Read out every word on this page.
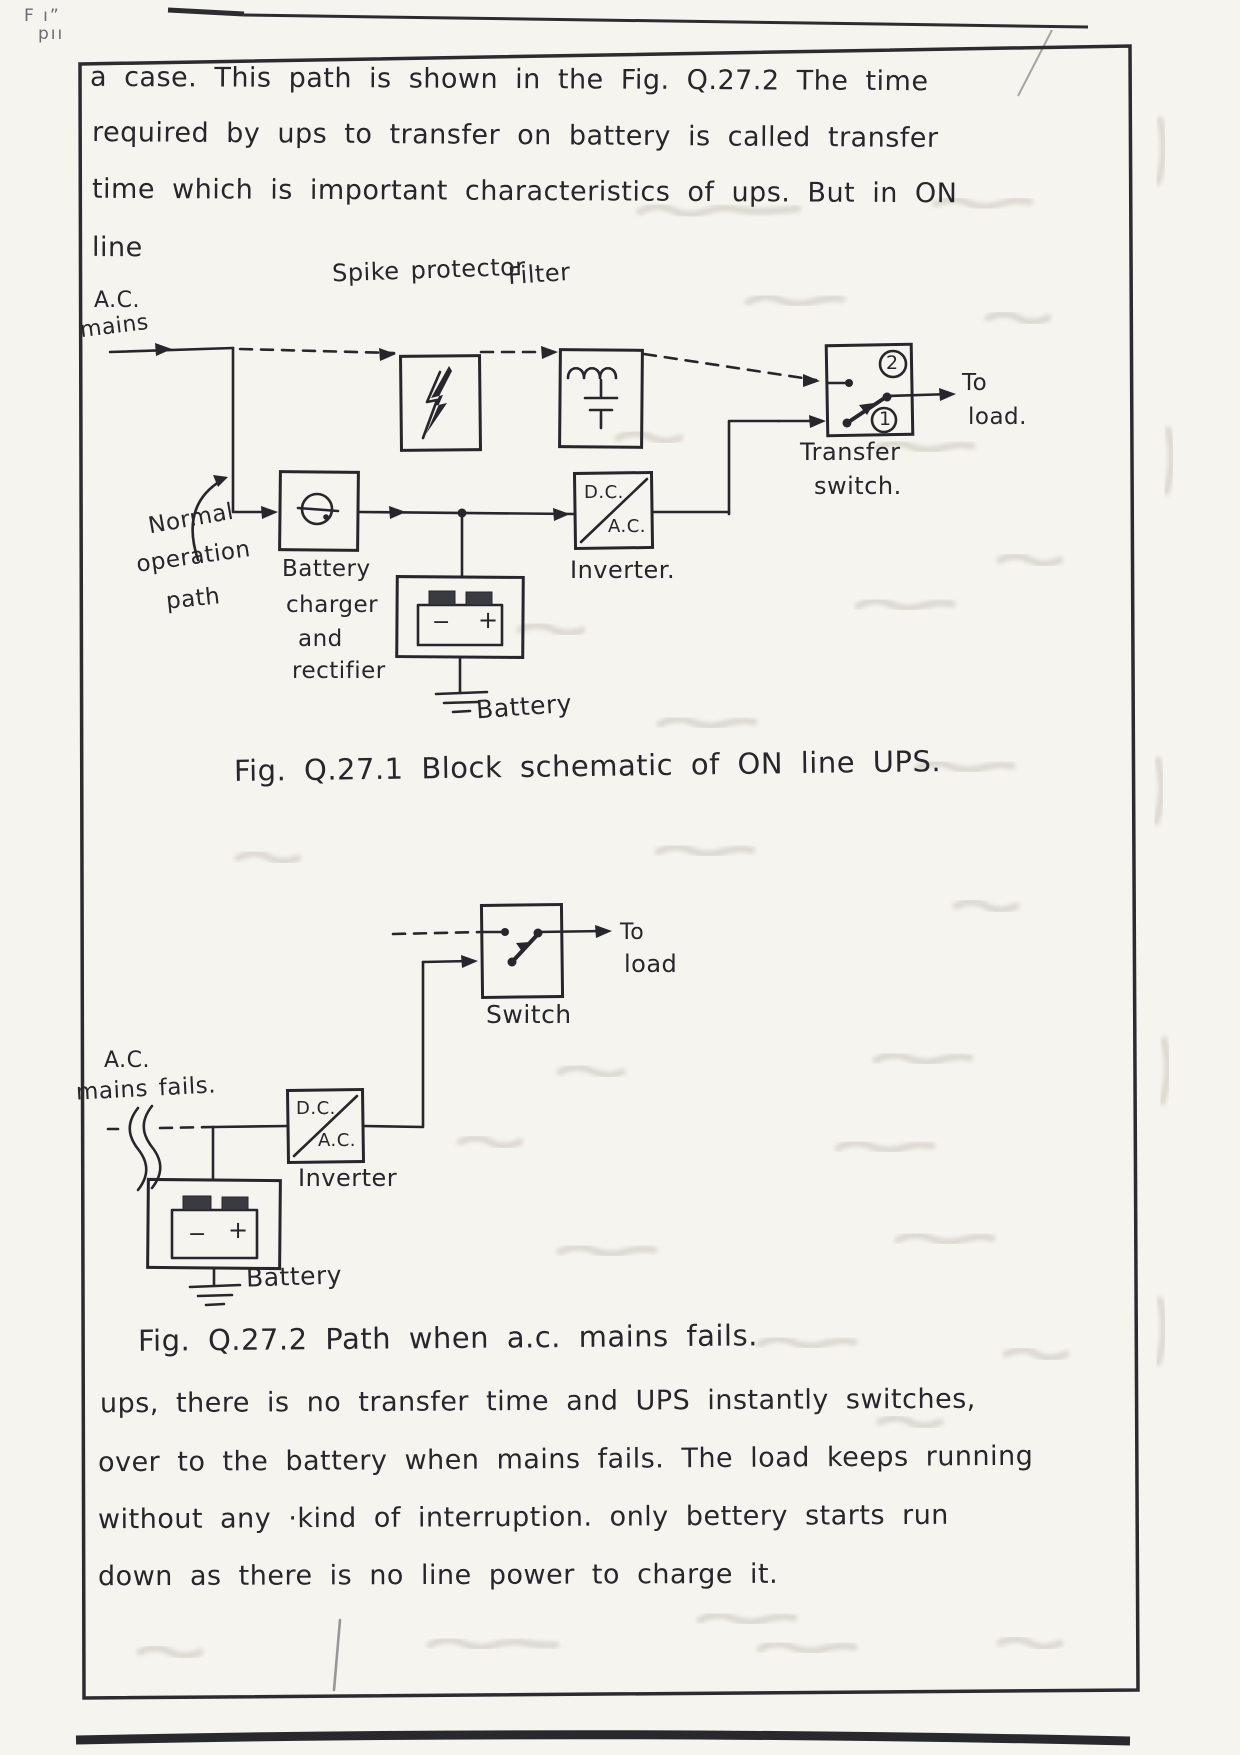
F ı”
pıı
a case. This path is shown in the Fig. Q.27.2 The time
required by ups to transfer on battery is called transfer
time which is important characteristics of ups. But in ON
line
A.C.
mains
Spike protector
Filter
2
1
To
load.
Transfer
switch.
Normal
operation
path
Battery
charger
and
rectifier
D.C.
A.C.
Inverter.
− +
Battery
Fig. Q.27.1 Block schematic of ON line UPS.
To
load
Switch
A.C.
mains fails.
D.C.
A.C.
Inverter
− +
Battery
Fig. Q.27.2 Path when a.c. mains fails.
ups, there is no transfer time and UPS instantly switches,
over to the battery when mains fails. The load keeps running
without any ·kind of interruption. only bettery starts run
down as there is no line power to charge it.
